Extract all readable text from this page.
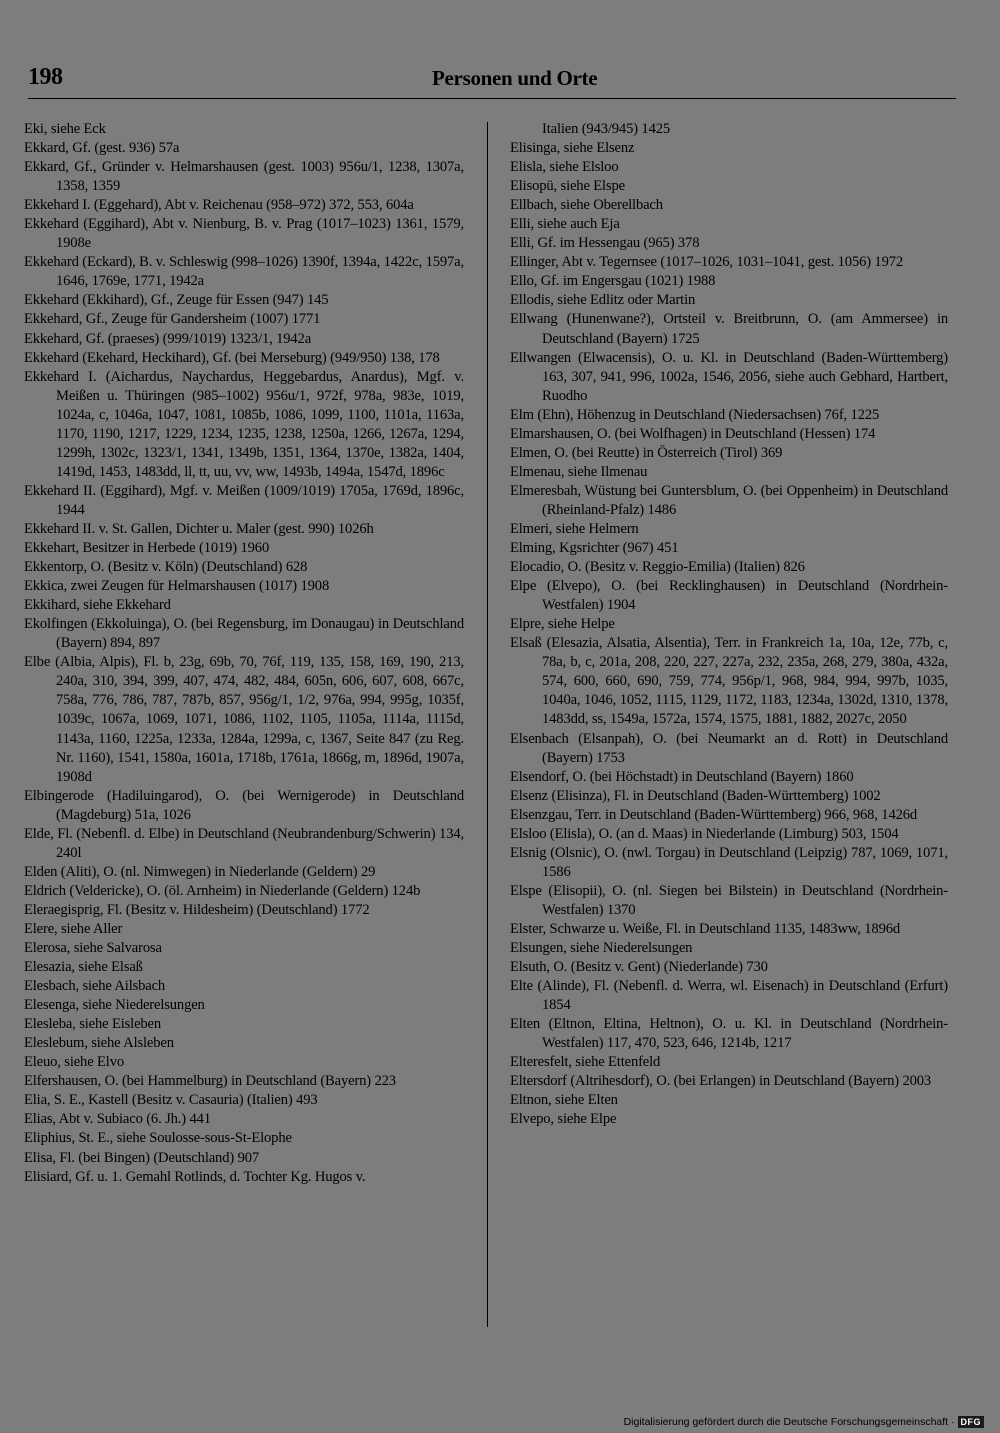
198	Personen und Orte
Eki, siehe Eck
Ekkard, Gf. (gest. 936) 57a
Ekkard, Gf., Gründer v. Helmarshausen (gest. 1003) 956u/1, 1238, 1307a, 1358, 1359
Ekkehard I. (Eggehard), Abt v. Reichenau (958–972) 372, 553, 604a
Ekkehard (Eggihard), Abt v. Nienburg, B. v. Prag (1017–1023) 1361, 1579, 1908e
Ekkehard (Eckard), B. v. Schleswig (998–1026) 1390f, 1394a, 1422c, 1597a, 1646, 1769e, 1771, 1942a
Ekkehard (Ekkihard), Gf., Zeuge für Essen (947) 145
Ekkehard, Gf., Zeuge für Gandersheim (1007) 1771
Ekkehard, Gf. (praeses) (999/1019) 1323/1, 1942a
Ekkehard (Ekehard, Heckihard), Gf. (bei Merseburg) (949/950) 138, 178
Ekkehard I. (Aichardus, Naychardus, Heggebardus, Anardus), Mgf. v. Meißen u. Thüringen (985–1002) 956u/1, 972f, 978a, 983e, 1019, 1024a, c, 1046a, 1047, 1081, 1085b, 1086, 1099, 1100, 1101a, 1163a, 1170, 1190, 1217, 1229, 1234, 1235, 1238, 1250a, 1266, 1267a, 1294, 1299h, 1302c, 1323/1, 1341, 1349b, 1351, 1364, 1370e, 1382a, 1404, 1419d, 1453, 1483dd, ll, tt, uu, vv, ww, 1493b, 1494a, 1547d, 1896c
Ekkehard II. (Eggihard), Mgf. v. Meißen (1009/1019) 1705a, 1769d, 1896c, 1944
Ekkehard II. v. St. Gallen, Dichter u. Maler (gest. 990) 1026h
Ekkehart, Besitzer in Herbede (1019) 1960
Ekkentorp, O. (Besitz v. Köln) (Deutschland) 628
Ekkica, zwei Zeugen für Helmarshausen (1017) 1908
Ekkihard, siehe Ekkehard
Ekolfingen (Ekkoluinga), O. (bei Regensburg, im Donaugau) in Deutschland (Bayern) 894, 897
Elbe (Albia, Alpis), Fl. b, 23g, 69b, 70, 76f, 119, 135, 158, 169, 190, 213, 240a, 310, 394, 399, 407, 474, 482, 484, 605n, 606, 607, 608, 667c, 758a, 776, 786, 787, 787b, 857, 956g/1, 1/2, 976a, 994, 995g, 1035f, 1039c, 1067a, 1069, 1071, 1086, 1102, 1105, 1105a, 1114a, 1115d, 1143a, 1160, 1225a, 1233a, 1284a, 1299a, c, 1367, Seite 847 (zu Reg. Nr. 1160), 1541, 1580a, 1601a, 1718b, 1761a, 1866g, m, 1896d, 1907a, 1908d
Elbingerode (Hadiluingarod), O. (bei Wernigerode) in Deutschland (Magdeburg) 51a, 1026
Elde, Fl. (Nebenfl. d. Elbe) in Deutschland (Neubrandenburg/Schwerin) 134, 240l
Elden (Aliti), O. (nl. Nimwegen) in Niederlande (Geldern) 29
Eldrich (Veldericke), O. (öl. Arnheim) in Niederlande (Geldern) 124b
Eleraegisprig, Fl. (Besitz v. Hildesheim) (Deutschland) 1772
Elere, siehe Aller
Elerosa, siehe Salvarosa
Elesazia, siehe Elsaß
Elesbach, siehe Ailsbach
Elesenga, siehe Niederelsungen
Elesleba, siehe Eisleben
Eleslebum, siehe Alsleben
Eleuo, siehe Elvo
Elfershausen, O. (bei Hammelburg) in Deutschland (Bayern) 223
Elia, S. E., Kastell (Besitz v. Casauria) (Italien) 493
Elias, Abt v. Subiaco (6. Jh.) 441
Eliphius, St. E., siehe Soulosse-sous-St-Elophe
Elisa, Fl. (bei Bingen) (Deutschland) 907
Elisiard, Gf. u. 1. Gemahl Rotlinds, d. Tochter Kg. Hugos v.
Italien (943/945) 1425
Elisinga, siehe Elsenz
Elisla, siehe Elsloo
Elisopü, siehe Elspe
Ellbach, siehe Oberellbach
Elli, siehe auch Eja
Elli, Gf. im Hessengau (965) 378
Ellinger, Abt v. Tegernsee (1017–1026, 1031–1041, gest. 1056) 1972
Ello, Gf. im Engersgau (1021) 1988
Ellodis, siehe Edlitz oder Martin
Ellwang (Hunenwane?), Ortsteil v. Breitbrunn, O. (am Ammersee) in Deutschland (Bayern) 1725
Ellwangen (Elwacensis), O. u. Kl. in Deutschland (Baden-Württemberg) 163, 307, 941, 996, 1002a, 1546, 2056, siehe auch Gebhard, Hartbert, Ruodho
Elm (Ehn), Höhenzug in Deutschland (Niedersachsen) 76f, 1225
Elmarshausen, O. (bei Wolfhagen) in Deutschland (Hessen) 174
Elmen, O. (bei Reutte) in Österreich (Tirol) 369
Elmenau, siehe Ilmenau
Elmeresbah, Wüstung bei Guntersblum, O. (bei Oppenheim) in Deutschland (Rheinland-Pfalz) 1486
Elmeri, siehe Helmern
Elming, Kgsrichter (967) 451
Elocadio, O. (Besitz v. Reggio-Emilia) (Italien) 826
Elpe (Elvepo), O. (bei Recklinghausen) in Deutschland (Nordrhein-Westfalen) 1904
Elpre, siehe Helpe
Elsaß (Elesazia, Alsatia, Alsentia), Terr. in Frankreich 1a, 10a, 12e, 77b, c, 78a, b, c, 201a, 208, 220, 227, 227a, 232, 235a, 268, 279, 380a, 432a, 574, 600, 660, 690, 759, 774, 956p/1, 968, 984, 994, 997b, 1035, 1040a, 1046, 1052, 1115, 1129, 1172, 1183, 1234a, 1302d, 1310, 1378, 1483dd, ss, 1549a, 1572a, 1574, 1575, 1881, 1882, 2027c, 2050
Elsenbach (Elsanpah), O. (bei Neumarkt an d. Rott) in Deutschland (Bayern) 1753
Elsendorf, O. (bei Höchstadt) in Deutschland (Bayern) 1860
Elsenz (Elisinza), Fl. in Deutschland (Baden-Württemberg) 1002
Elsenzgau, Terr. in Deutschland (Baden-Württemberg) 966, 968, 1426d
Elsloo (Elisla), O. (an d. Maas) in Niederlande (Limburg) 503, 1504
Elsnig (Olsnic), O. (nwl. Torgau) in Deutschland (Leipzig) 787, 1069, 1071, 1586
Elspe (Elisopii), O. (nl. Siegen bei Bilstein) in Deutschland (Nordrhein-Westfalen) 1370
Elster, Schwarze u. Weiße, Fl. in Deutschland 1135, 1483ww, 1896d
Elsungen, siehe Niederelsungen
Elsuth, O. (Besitz v. Gent) (Niederlande) 730
Elte (Alinde), Fl. (Nebenfl. d. Werra, wl. Eisenach) in Deutschland (Erfurt) 1854
Elten (Eltnon, Eltina, Heltnon), O. u. Kl. in Deutschland (Nordrhein-Westfalen) 117, 470, 523, 646, 1214b, 1217
Elteresfelt, siehe Ettenfeld
Eltersdorf (Altrihesdorf), O. (bei Erlangen) in Deutschland (Bayern) 2003
Eltnon, siehe Elten
Elvepo, siehe Elpe
Digitalisierung gefördert durch die Deutsche Forschungsgemeinschaft · DFG
